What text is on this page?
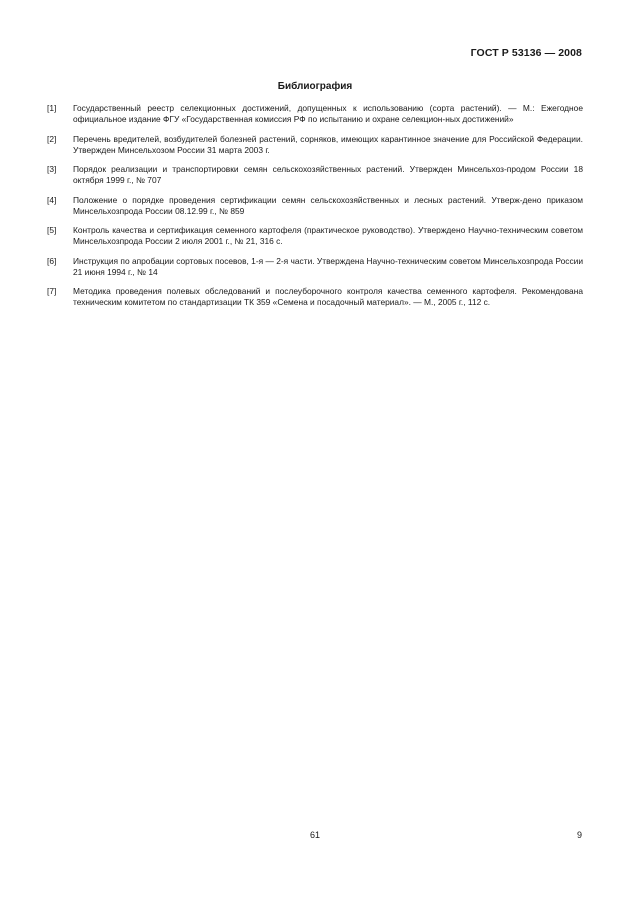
ГОСТ Р 53136 — 2008
Библиография
[1]	Государственный реестр селекционных достижений, допущенных к использованию (сорта растений). — М.: Ежегодное официальное издание ФГУ «Государственная комиссия РФ по испытанию и охране селекцион-ных достижений»
[2]	Перечень вредителей, возбудителей болезней растений, сорняков, имеющих карантинное значение для Российской Федерации. Утвержден Минсельхозом России 31 марта 2003 г.
[3]	Порядок реализации и транспортировки семян сельскохозяйственных растений. Утвержден Минсельхоз-продом России 18 октября 1999 г., № 707
[4]	Положение о порядке проведения сертификации семян сельскохозяйственных и лесных растений. Утверж-дено приказом Минсельхозпрода России 08.12.99 г., № 859
[5]	Контроль качества и сертификация семенного картофеля (практическое руководство). Утверждено Научно-техническим советом Минсельхозпрода России 2 июля 2001 г., № 21, 316 с.
[6]	Инструкция по апробации сортовых посевов, 1-я — 2-я части. Утверждена Научно-техническим советом Минсельхозпрода России 21 июня 1994 г., № 14
[7]	Методика проведения полевых обследований и послеуборочного контроля качества семенного картофеля. Рекомендована техническим комитетом по стандартизации ТК 359 «Семена и посадочный материал». — М., 2005 г., 112 с.
61	9
